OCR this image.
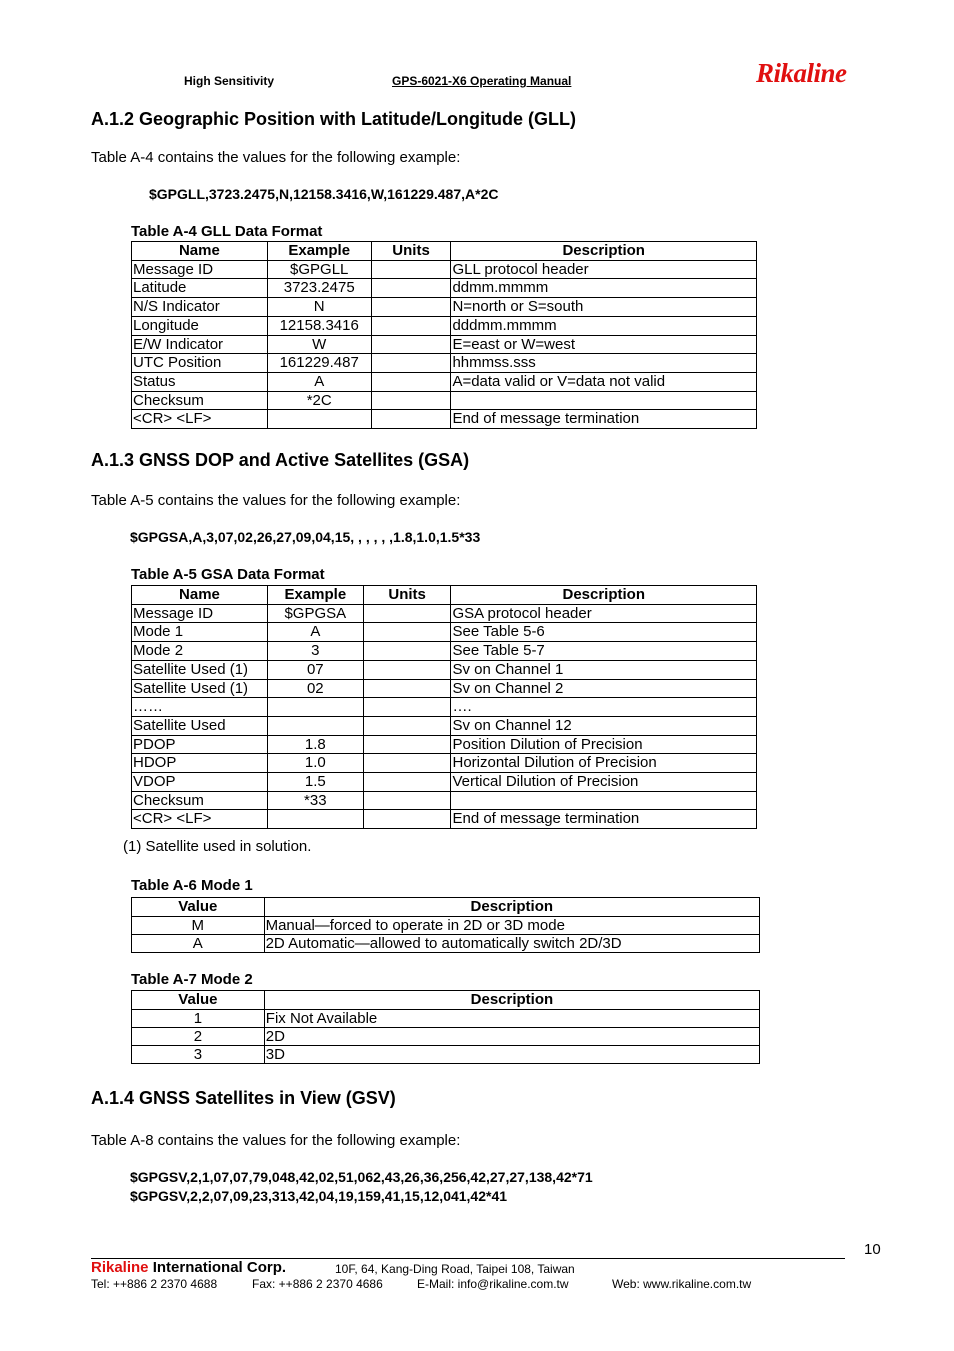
High Sensitivity	GPS-6021-X6 Operating Manual	Rikaline
A.1.2 Geographic Position with Latitude/Longitude (GLL)
Table A-4 contains the values for the following example:
$GPGLL,3723.2475,N,12158.3416,W,161229.487,A*2C
Table A-4 GLL Data Format
Name	Example	Units	Description
Message ID	$GPGLL		GLL protocol header
Latitude	3723.2475		ddmm.mmmm
N/S Indicator	N		N=north or S=south
Longitude	12158.3416		dddmm.mmmm
E/W Indicator	W		E=east or W=west
UTC Position	161229.487		hhmmss.sss
Status	A		A=data valid or V=data not valid
Checksum	*2C		
<CR> <LF>			End of message termination
A.1.3 GNSS DOP and Active Satellites (GSA)
Table A-5 contains the values for the following example:
$GPGSA,A,3,07,02,26,27,09,04,15, , , , , ,1.8,1.0,1.5*33
Table A-5 GSA Data Format
Name	Example	Units	Description
Message ID	$GPGSA		GSA protocol header
Mode 1	A		See Table 5-6
Mode 2	3		See Table 5-7
Satellite Used (1)	07		Sv on Channel 1
Satellite Used (1)	02		Sv on Channel 2
……			….
Satellite Used			Sv on Channel 12
PDOP	1.8		Position Dilution of Precision
HDOP	1.0		Horizontal Dilution of Precision
VDOP	1.5		Vertical Dilution of Precision
Checksum	*33		
<CR> <LF>			End of message termination
(1) Satellite used in solution.
Table A-6 Mode 1
Value	Description
M	Manual—forced to operate in 2D or 3D mode
A	2D Automatic—allowed to automatically switch 2D/3D
Table A-7 Mode 2
Value	Description
1	Fix Not Available
2	2D
3	3D
A.1.4 GNSS Satellites in View (GSV)
Table A-8 contains the values for the following example:
$GPGSV,2,1,07,07,79,048,42,02,51,062,43,26,36,256,42,27,27,138,42*71
$GPGSV,2,2,07,09,23,313,42,04,19,159,41,15,12,041,42*41
10
Rikaline International Corp.	10F, 64, Kang-Ding Road, Taipei 108, Taiwan
Tel: ++886 2 2370 4688	Fax: ++886 2 2370 4686	E-Mail: info@rikaline.com.tw	Web: www.rikaline.com.tw
